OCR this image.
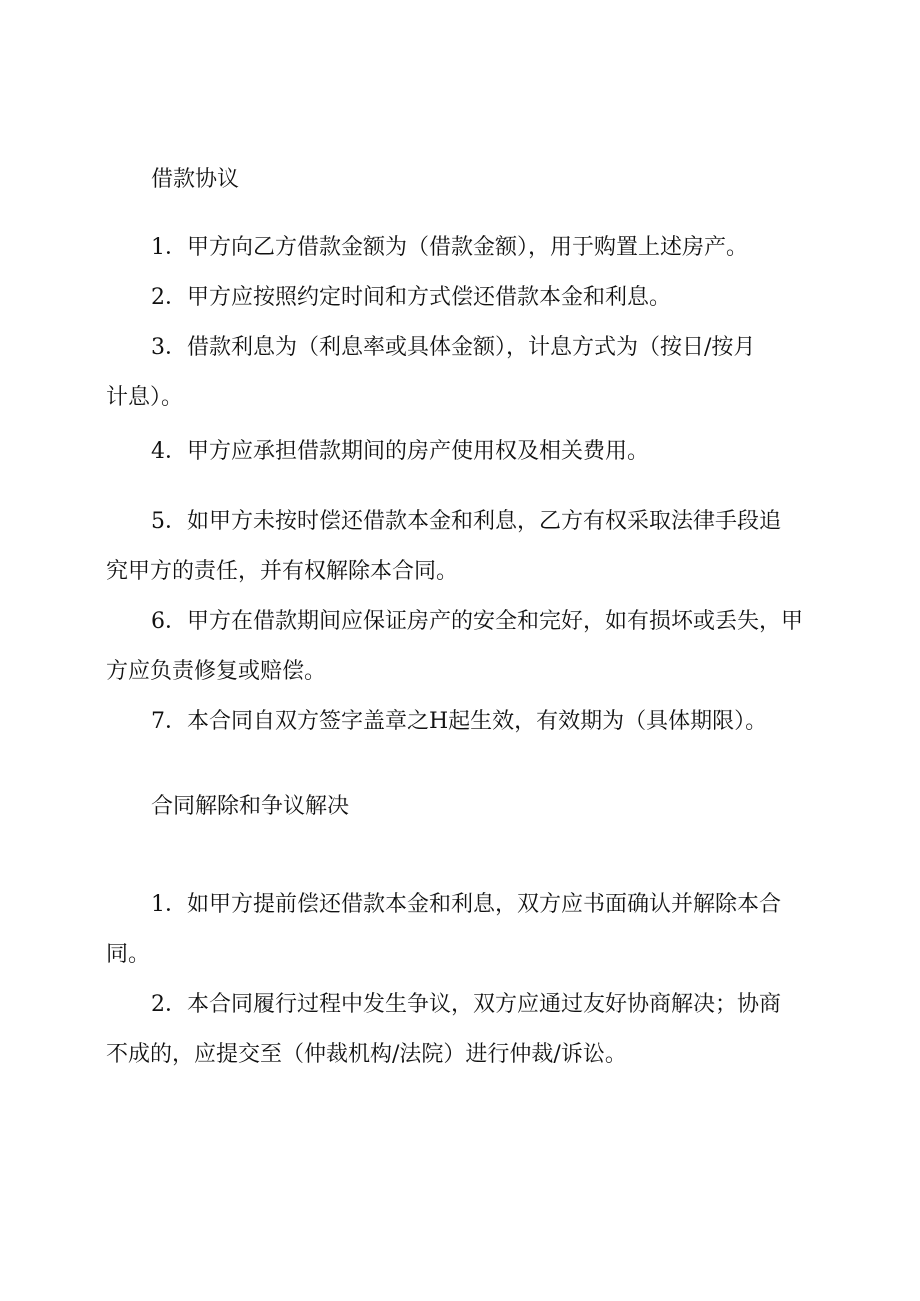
借款协议
1．甲方向乙方借款金额为（借款金额），用于购置上述房产。
2．甲方应按照约定时间和方式偿还借款本金和利息。
3．借款利息为（利息率或具体金额），计息方式为（按日/按月
计息）。
4．甲方应承担借款期间的房产使用权及相关费用。
5．如甲方未按时偿还借款本金和利息，乙方有权采取法律手段追
究甲方的责任，并有权解除本合同。
6．甲方在借款期间应保证房产的安全和完好，如有损坏或丢失，甲
方应负责修复或赔偿。
7．本合同自双方签字盖章之H起生效，有效期为（具体期限）。
合同解除和争议解决
1．如甲方提前偿还借款本金和利息，双方应书面确认并解除本合
同。
2．本合同履行过程中发生争议，双方应通过友好协商解决；协商
不成的，应提交至（仲裁机构/法院）进行仲裁/诉讼。
